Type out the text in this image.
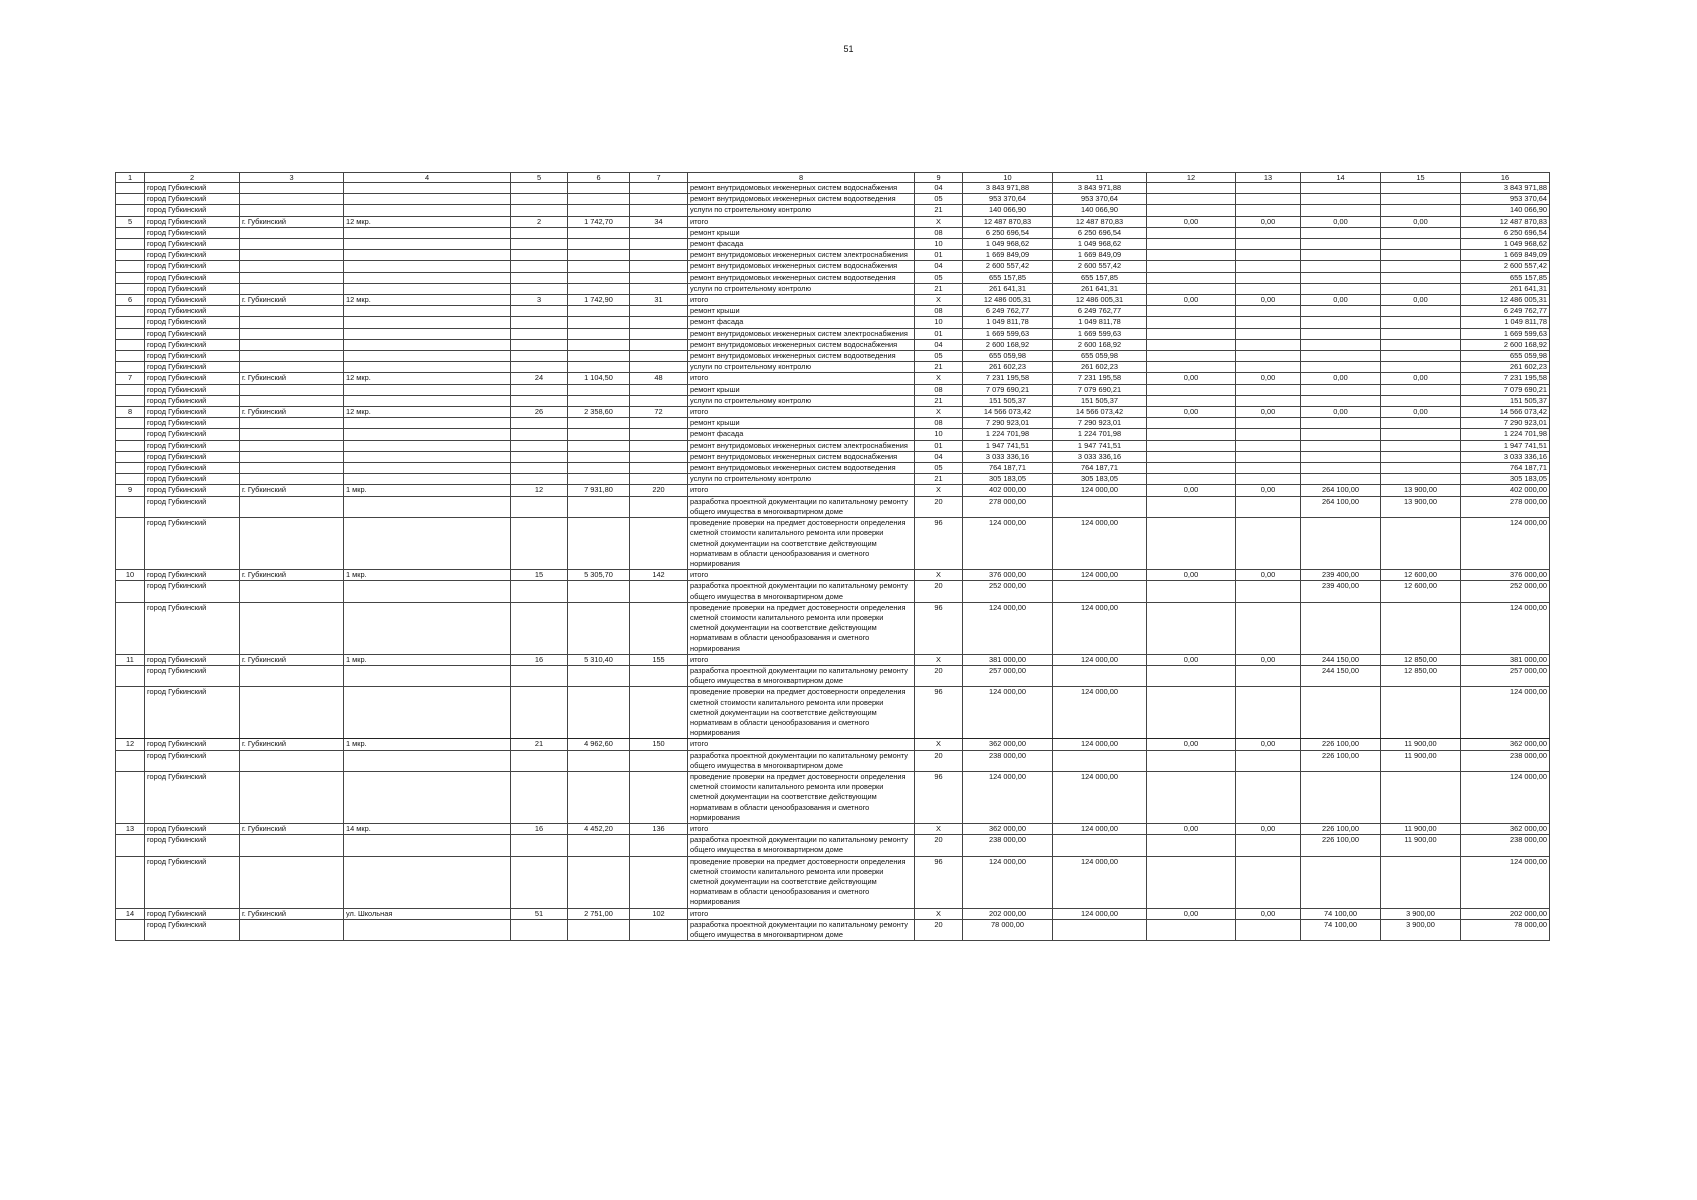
51
1	2	3	4	5	6	7	8	9	10	11	12	13	14	15	16
	город Губкинский						ремонт внутридомовых инженерных систем водоснабжения	04	3 843 971,88	3 843 971,88					3 843 971,88
	город Губкинский						ремонт внутридомовых инженерных систем водоотведения	05	953 370,64	953 370,64					953 370,64
	город Губкинский						услуги по строительному контролю	21	140 066,90	140 066,90					140 066,90
5	город Губкинский	г. Губкинский	12 мкр.	2	1 742,70	34	итого	X	12 487 870,83	12 487 870,83	0,00	0,00	0,00	0,00	12 487 870,83
	город Губкинский						ремонт крыши	08	6 250 696,54	6 250 696,54					6 250 696,54
	город Губкинский						ремонт фасада	10	1 049 968,62	1 049 968,62					1 049 968,62
	город Губкинский						ремонт внутридомовых инженерных систем электроснабжения	01	1 669 849,09	1 669 849,09					1 669 849,09
	город Губкинский						ремонт внутридомовых инженерных систем водоснабжения	04	2 600 557,42	2 600 557,42					2 600 557,42
	город Губкинский						ремонт внутридомовых инженерных систем водоотведения	05	655 157,85	655 157,85					655 157,85
	город Губкинский						услуги по строительному контролю	21	261 641,31	261 641,31					261 641,31
6	город Губкинский	г. Губкинский	12 мкр.	3	1 742,90	31	итого	X	12 486 005,31	12 486 005,31	0,00	0,00	0,00	0,00	12 486 005,31
	город Губкинский						ремонт крыши	08	6 249 762,77	6 249 762,77					6 249 762,77
	город Губкинский						ремонт фасада	10	1 049 811,78	1 049 811,78					1 049 811,78
	город Губкинский						ремонт внутридомовых инженерных систем электроснабжения	01	1 669 599,63	1 669 599,63					1 669 599,63
	город Губкинский						ремонт внутридомовых инженерных систем водоснабжения	04	2 600 168,92	2 600 168,92					2 600 168,92
	город Губкинский						ремонт внутридомовых инженерных систем водоотведения	05	655 059,98	655 059,98					655 059,98
	город Губкинский						услуги по строительному контролю	21	261 602,23	261 602,23					261 602,23
7	город Губкинский	г. Губкинский	12 мкр.	24	1 104,50	48	итого	X	7 231 195,58	7 231 195,58	0,00	0,00	0,00	0,00	7 231 195,58
	город Губкинский						ремонт крыши	08	7 079 690,21	7 079 690,21					7 079 690,21
	город Губкинский						услуги по строительному контролю	21	151 505,37	151 505,37					151 505,37
8	город Губкинский	г. Губкинский	12 мкр.	26	2 358,60	72	итого	X	14 566 073,42	14 566 073,42	0,00	0,00	0,00	0,00	14 566 073,42
	город Губкинский						ремонт крыши	08	7 290 923,01	7 290 923,01					7 290 923,01
	город Губкинский						ремонт фасада	10	1 224 701,98	1 224 701,98					1 224 701,98
	город Губкинский						ремонт внутридомовых инженерных систем электроснабжения	01	1 947 741,51	1 947 741,51					1 947 741,51
	город Губкинский						ремонт внутридомовых инженерных систем водоснабжения	04	3 033 336,16	3 033 336,16					3 033 336,16
	город Губкинский						ремонт внутридомовых инженерных систем водоотведения	05	764 187,71	764 187,71					764 187,71
	город Губкинский						услуги по строительному контролю	21	305 183,05	305 183,05					305 183,05
9	город Губкинский	г. Губкинский	1 мкр.	12	7 931,80	220	итого	X	402 000,00	124 000,00	0,00	0,00	264 100,00	13 900,00	402 000,00
	город Губкинский						разработка проектной документации по капитальному ремонту общего имущества в многоквартирном доме	20	278 000,00				264 100,00	13 900,00	278 000,00
	город Губкинский						проведение проверки на предмет достоверности определения сметной стоимости капитального ремонта или проверки сметной документации на соответствие действующим нормативам в области ценообразования и сметного нормирования	96	124 000,00	124 000,00					124 000,00
10	город Губкинский	г. Губкинский	1 мкр.	15	5 305,70	142	итого	X	376 000,00	124 000,00	0,00	0,00	239 400,00	12 600,00	376 000,00
	город Губкинский						разработка проектной документации по капитальному ремонту общего имущества в многоквартирном доме	20	252 000,00				239 400,00	12 600,00	252 000,00
	город Губкинский						проведение проверки на предмет достоверности определения сметной стоимости капитального ремонта или проверки сметной документации на соответствие действующим нормативам в области ценообразования и сметного нормирования	96	124 000,00	124 000,00					124 000,00
11	город Губкинский	г. Губкинский	1 мкр.	16	5 310,40	155	итого	X	381 000,00	124 000,00	0,00	0,00	244 150,00	12 850,00	381 000,00
	город Губкинский						разработка проектной документации по капитальному ремонту общего имущества в многоквартирном доме	20	257 000,00				244 150,00	12 850,00	257 000,00
	город Губкинский						проведение проверки на предмет достоверности определения сметной стоимости капитального ремонта или проверки сметной документации на соответствие действующим нормативам в области ценообразования и сметного нормирования	96	124 000,00	124 000,00					124 000,00
12	город Губкинский	г. Губкинский	1 мкр.	21	4 962,60	150	итого	X	362 000,00	124 000,00	0,00	0,00	226 100,00	11 900,00	362 000,00
	город Губкинский						разработка проектной документации по капитальному ремонту общего имущества в многоквартирном доме	20	238 000,00				226 100,00	11 900,00	238 000,00
	город Губкинский						проведение проверки на предмет достоверности определения сметной стоимости капитального ремонта или проверки сметной документации на соответствие действующим нормативам в области ценообразования и сметного нормирования	96	124 000,00	124 000,00					124 000,00
13	город Губкинский	г. Губкинский	14 мкр.	16	4 452,20	136	итого	X	362 000,00	124 000,00	0,00	0,00	226 100,00	11 900,00	362 000,00
	город Губкинский						разработка проектной документации по капитальному ремонту общего имущества в многоквартирном доме	20	238 000,00				226 100,00	11 900,00	238 000,00
	город Губкинский						проведение проверки на предмет достоверности определения сметной стоимости капитального ремонта или проверки сметной документации на соответствие действующим нормативам в области ценообразования и сметного нормирования	96	124 000,00	124 000,00					124 000,00
14	город Губкинский	г. Губкинский	ул. Школьная	51	2 751,00	102	итого	X	202 000,00	124 000,00	0,00	0,00	74 100,00	3 900,00	202 000,00
	город Губкинский						разработка проектной документации по капитальному ремонту общего имущества в многоквартирном доме	20	78 000,00				74 100,00	3 900,00	78 000,00
